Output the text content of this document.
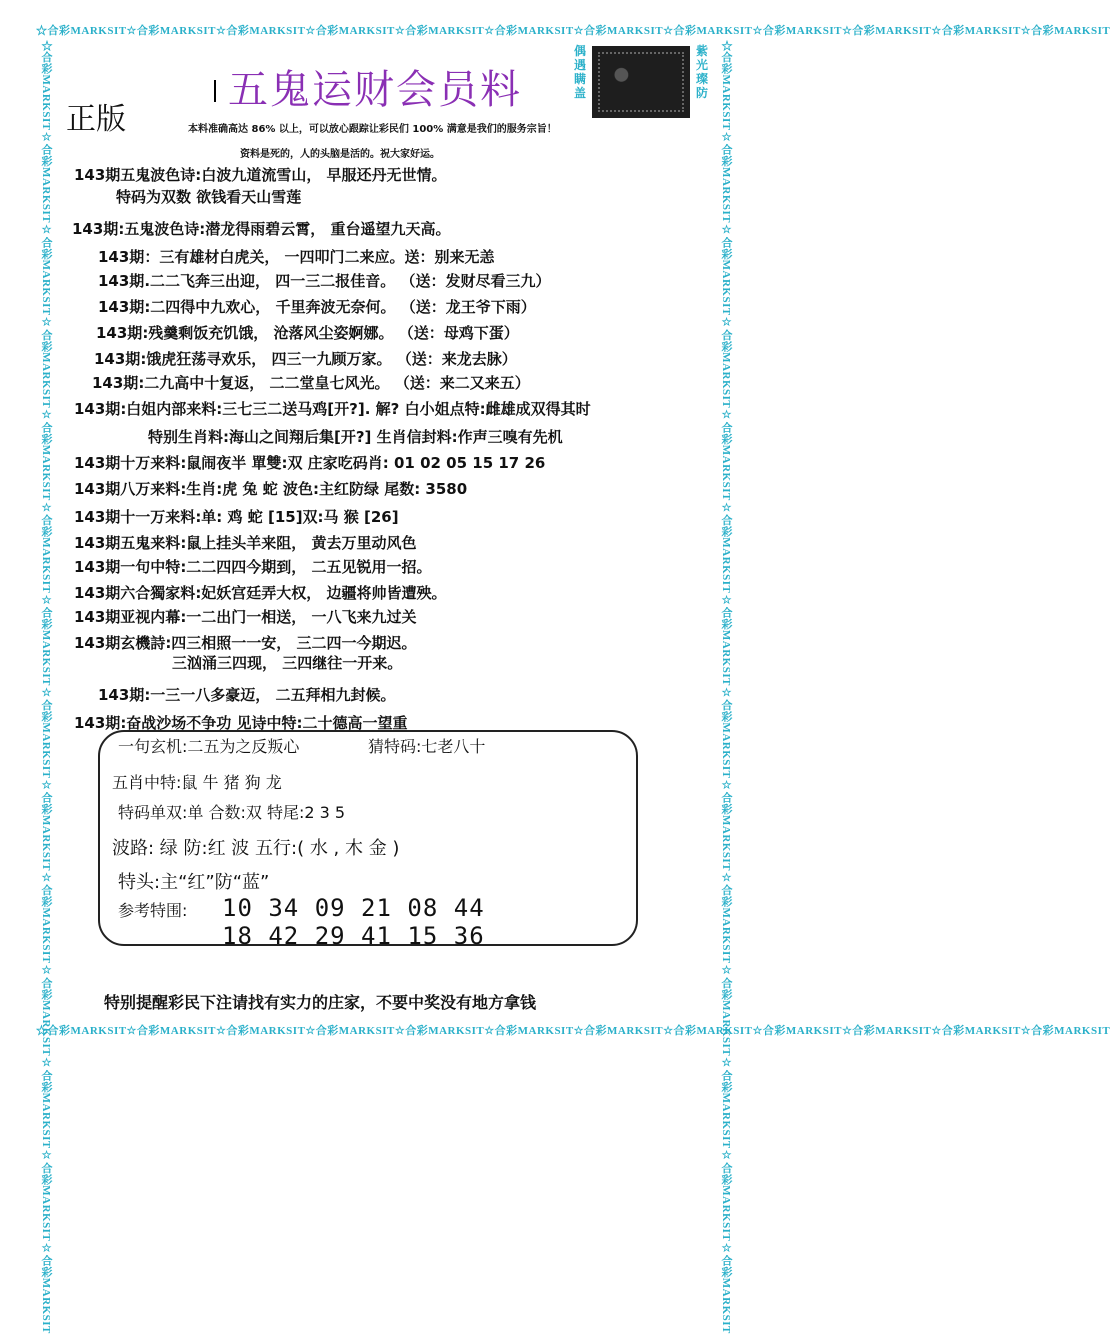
☆合彩MARKSIT☆合彩MARKSIT☆合彩MARKSIT☆合彩MARKSIT☆合彩MARKSIT☆合彩MARKSIT☆合彩MARKSIT☆合彩MARKSIT☆合彩MARKSIT☆合彩MARKSIT☆合彩MARKSIT☆合彩MARKSIT
☆合彩MARKSIT☆合彩MARKSIT☆合彩MARKSIT☆合彩MARKSIT☆合彩MARKSIT☆合彩MARKSIT☆合彩MARKSIT☆合彩MARKSIT☆合彩MARKSIT☆合彩MARKSIT☆合彩MARKSIT☆合彩MARKSIT
☆合彩MARKSIT☆合彩MARKSIT☆合彩MARKSIT☆合彩MARKSIT☆合彩MARKSIT☆合彩MARKSIT☆合彩MARKSIT☆合彩MARKSIT☆合彩MARKSIT☆合彩MARKSIT☆合彩MARKSIT☆合彩MARKSIT☆合彩MARKSIT☆合彩MARKSIT	☆合彩MARKSIT☆合彩MARKSIT☆合彩MARKSIT☆合彩MARKSIT☆合彩MARKSIT☆合彩MARKSIT☆合彩MARKSIT☆合彩MARKSIT☆合彩MARKSIT☆合彩MARKSIT☆合彩MARKSIT☆合彩MARKSIT☆合彩MARKSIT☆合彩MARKSIT
五鬼运财会员料
正版
偶遇瞒盖
紫光璨防
本料准确高达 86% 以上，可以放心跟踪让彩民们 100% 满意是我们的服务宗旨！
资料是死的，人的头脑是活的。祝大家好运。
143期五鬼波色诗:白波九道流雪山， 早服还丹无世情。
特码为双数 欲钱看天山雪莲
143期:五鬼波色诗:潜龙得雨碧云霄， 重台遥望九天高。
143期：三有雄材白虎关， 一四叩门二来应。送：别来无恙
143期.二二飞奔三出迎， 四一三二报佳音。 （送：发财尽看三九）
143期:二四得中九欢心， 千里奔波无奈何。 （送：龙王爷下雨）
143期:残羹剩饭充饥饿， 沧落风尘姿婀娜。 （送：母鸡下蛋）
143期:饿虎狂荡寻欢乐， 四三一九顾万家。 （送：来龙去脉）
143期:二九高中十复返， 二二堂皇七风光。 （送：来二又来五）
143期:白姐内部来料:三七三二送马鸡[开?]. 解? 白小姐点特:雌雄成双得其时
特别生肖料:海山之间翔后集[开?] 生肖信封料:作声三嗅有先机
143期十万来料:鼠闹夜半 單雙:双 庄家吃码肖: 01 02 05 15 17 26
143期八万来料:生肖:虎 兔 蛇 波色:主红防绿 尾数: 3580
143期十一万来料:单: 鸡 蛇 [15]双:马 猴 [26]
143期五鬼来料:鼠上挂头羊来阻， 黄去万里动风色
143期一句中特:二二四四今期到， 二五见锐用一招。
143期六合獨家料:妃妖宫廷弄大权， 边疆将帅皆遭殃。
143期亚视内幕:一二出门一相送， 一八飞来九过关
143期玄機詩:四三相照一一安， 三二四一今期迟。
三汹涌三四现， 三四继往一开来。
143期:一三一八多豪迈， 二五拜相九封候。
143期:奋战沙场不争功 见诗中特:二十德高一望重
一句玄机:二五为之反叛心	猜特码:七老八十
五肖中特:鼠 牛 猪 狗 龙
特码单双:单 合数:双 特尾:2 3 5
波路: 绿 防:红 波 五行:( 水 , 木 金 )
特头:主“红”防“蓝”
参考特围: 10 34 09 21 08 44
18 42 29 41 15 36
特别提醒彩民下注请找有实力的庄家，不要中奖没有地方拿钱
